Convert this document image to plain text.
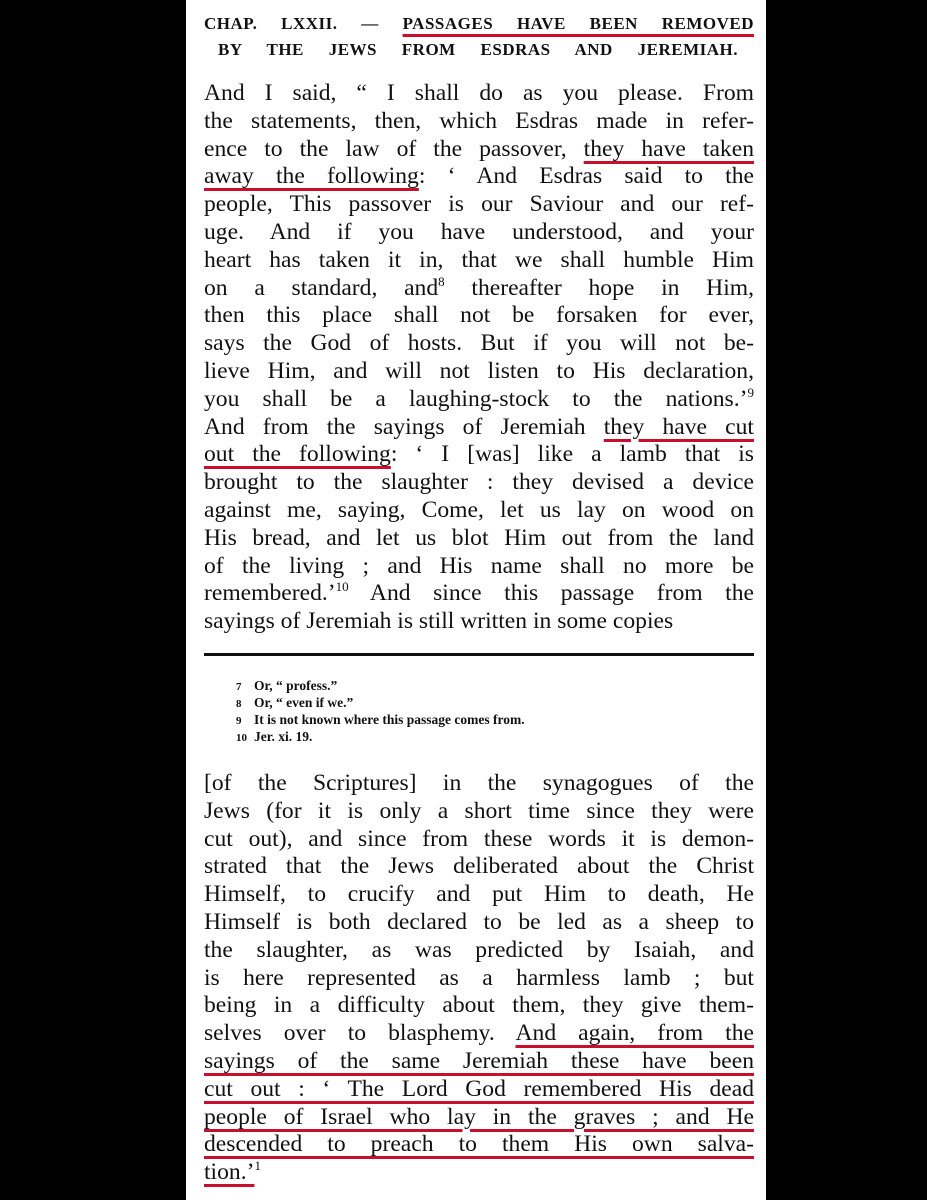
CHAP. LXXII. — PASSAGES HAVE BEEN REMOVED
BY THE JEWS FROM ESDRAS AND JEREMIAH.
And I said, “ I shall do as you please. From
the statements, then, which Esdras made in refer-
ence to the law of the passover, they have taken
away the following: ‘ And Esdras said to the
people, This passover is our Saviour and our ref-
uge. And if you have understood, and your
heart has taken it in, that we shall humble Him
on a standard, and$^8$ thereafter hope in Him,
then this place shall not be forsaken for ever,
says the God of hosts. But if you will not be-
lieve Him, and will not listen to His declaration,
you shall be a laughing-stock to the nations.’$^9$
And from the sayings of Jeremiah they have cut
out the following: ‘ I [was] like a lamb that is
brought to the slaughter : they devised a device
against me, saying, Come, let us lay on wood on
His bread, and let us blot Him out from the land
of the living ; and His name shall no more be
remembered.’$^{10}$ And since this passage from the
sayings of Jeremiah is still written in some copies
7 Or, “ profess.”
8 Or, “ even if we.”
9 It is not known where this passage comes from.
10 Jer. xi. 19.
[of the Scriptures] in the synagogues of the
Jews (for it is only a short time since they were
cut out), and since from these words it is demon-
strated that the Jews deliberated about the Christ
Himself, to crucify and put Him to death, He
Himself is both declared to be led as a sheep to
the slaughter, as was predicted by Isaiah, and
is here represented as a harmless lamb ; but
being in a difficulty about them, they give them-
selves over to blasphemy. And again, from the
sayings of the same Jeremiah these have been
cut out : ‘ The Lord God remembered His dead
people of Israel who lay in the graves ; and He
descended to preach to them His own salva-
tion.’$^1$
